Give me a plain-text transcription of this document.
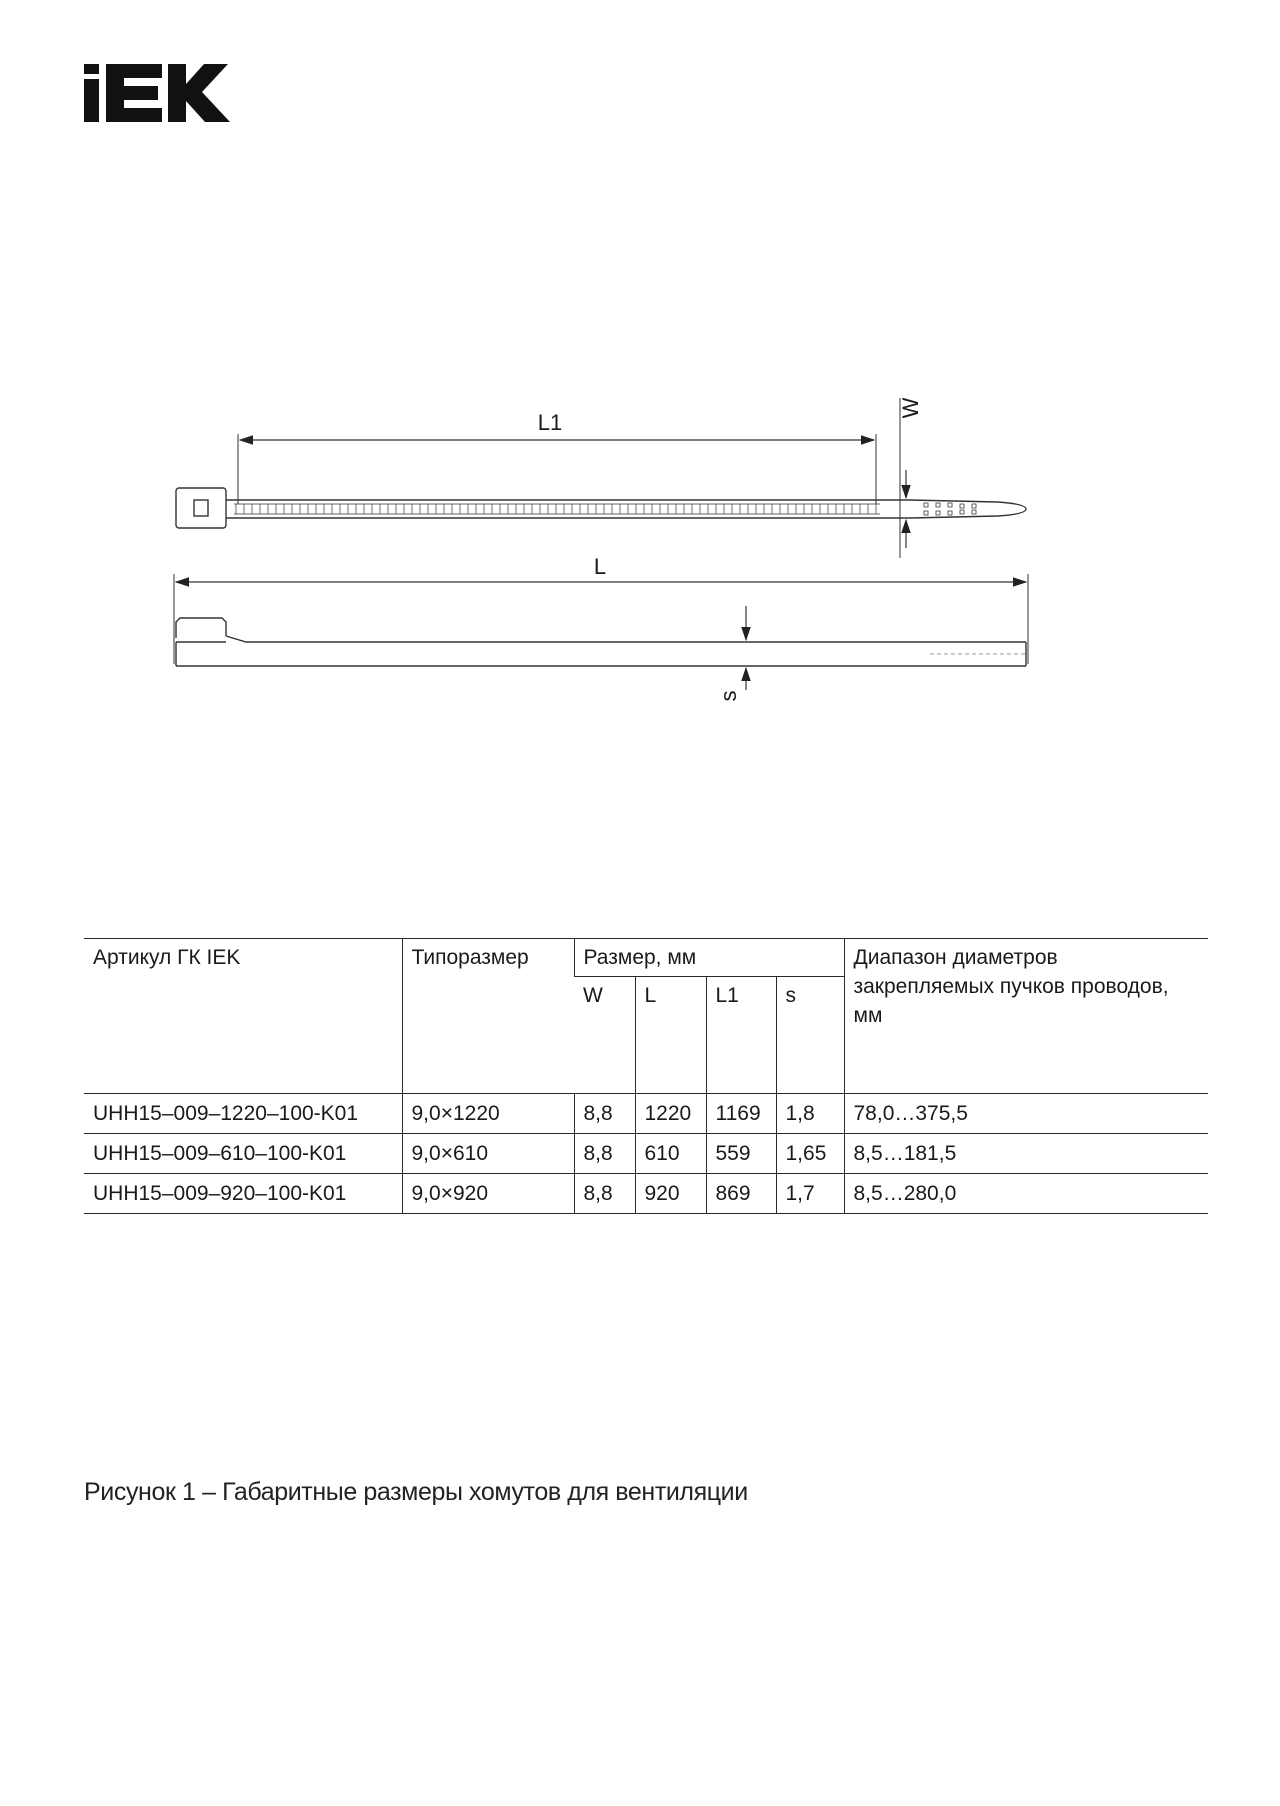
L1
W
L
s
Артикул ГК IEK	Типоразмер	Размер, мм				Диапазон диаметров закрепляемых пучков проводов, мм
		W	L	L1	s	
UHH15–009–1220–100-K01	9,0×1220	8,8	1220	1169	1,8	78,0…375,5
UHH15–009–610–100-K01	9,0×610	8,8	610	559	1,65	8,5…181,5
UHH15–009–920–100-K01	9,0×920	8,8	920	869	1,7	8,5…280,0
Рисунок 1 – Габаритные размеры хомутов для вентиляции
